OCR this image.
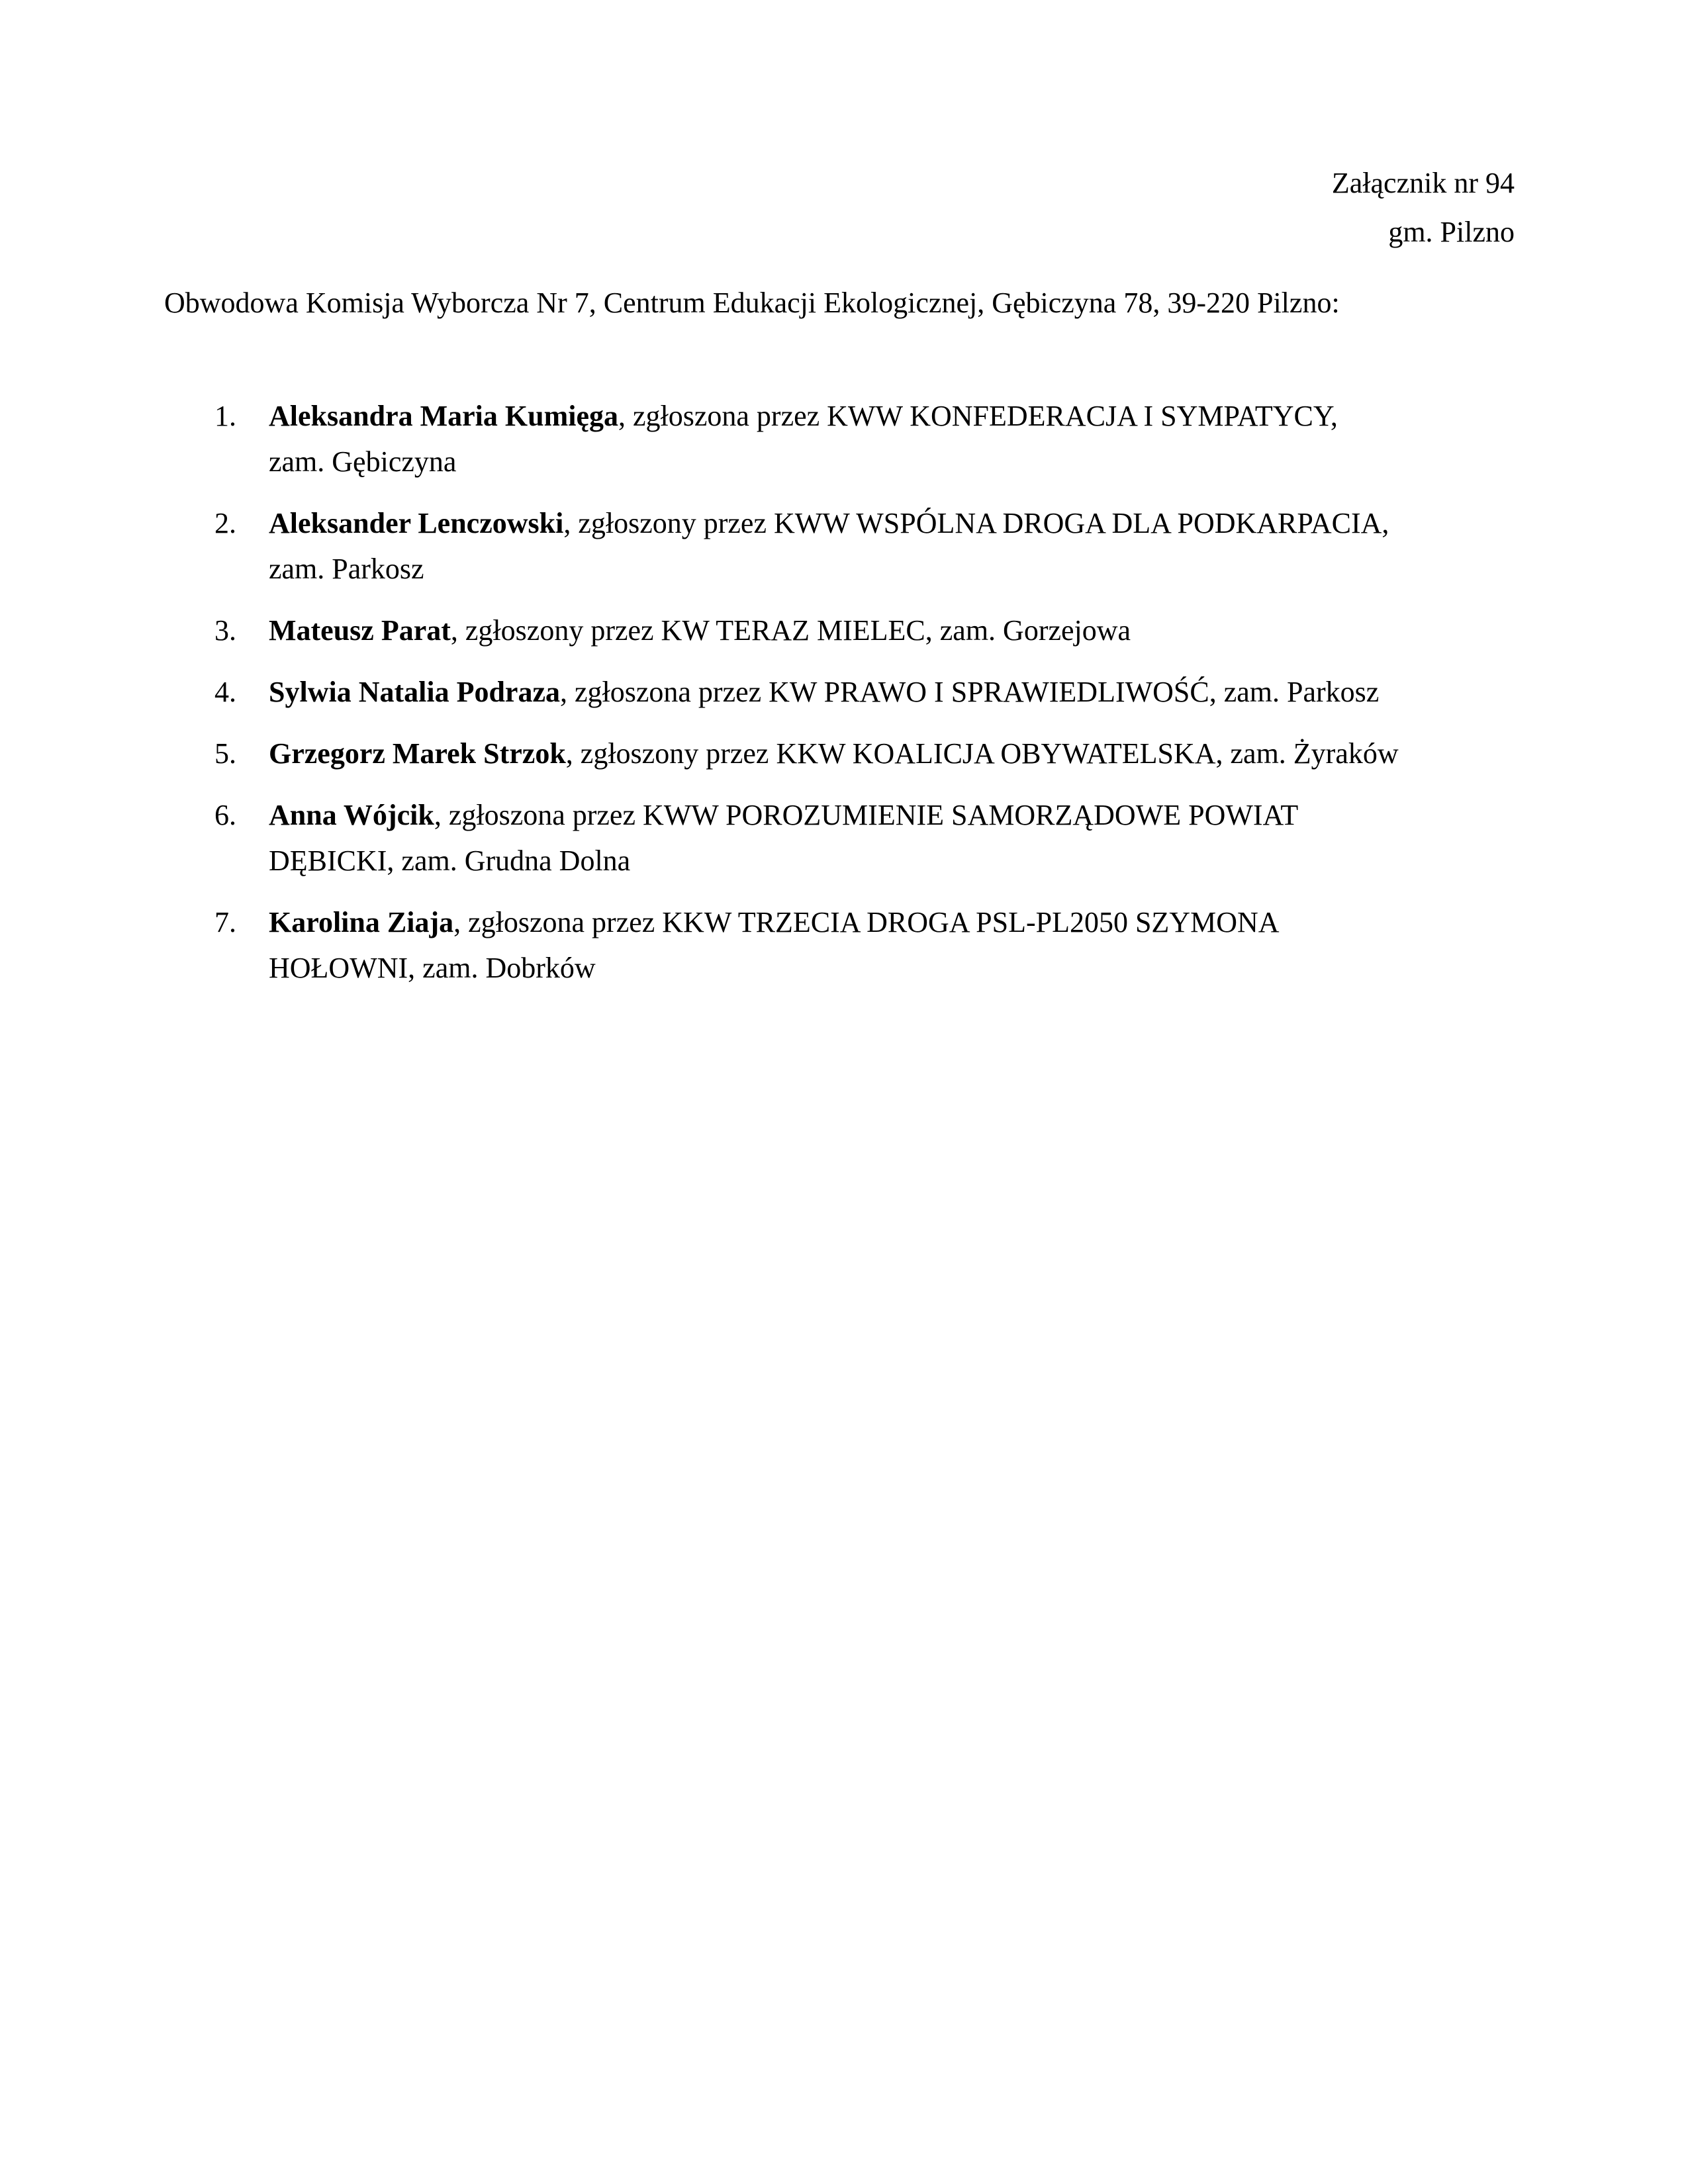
Załącznik nr 94
gm. Pilzno
Obwodowa Komisja Wyborcza Nr 7, Centrum Edukacji Ekologicznej, Gębiczyna 78, 39-220 Pilzno:
1. Aleksandra Maria Kumięga, zgłoszona przez KWW KONFEDERACJA I SYMPATYCY,
zam. Gębiczyna
2. Aleksander Lenczowski, zgłoszony przez KWW WSPÓLNA DROGA DLA PODKARPACIA,
zam. Parkosz
3. Mateusz Parat, zgłoszony przez KW TERAZ MIELEC, zam. Gorzejowa
4. Sylwia Natalia Podraza, zgłoszona przez KW PRAWO I SPRAWIEDLIWOŚĆ, zam. Parkosz
5. Grzegorz Marek Strzok, zgłoszony przez KKW KOALICJA OBYWATELSKA, zam. Żyraków
6. Anna Wójcik, zgłoszona przez KWW POROZUMIENIE SAMORZĄDOWE POWIAT
DĘBICKI, zam. Grudna Dolna
7. Karolina Ziaja, zgłoszona przez KKW TRZECIA DROGA PSL-PL2050 SZYMONA
HOŁOWNI, zam. Dobrków
